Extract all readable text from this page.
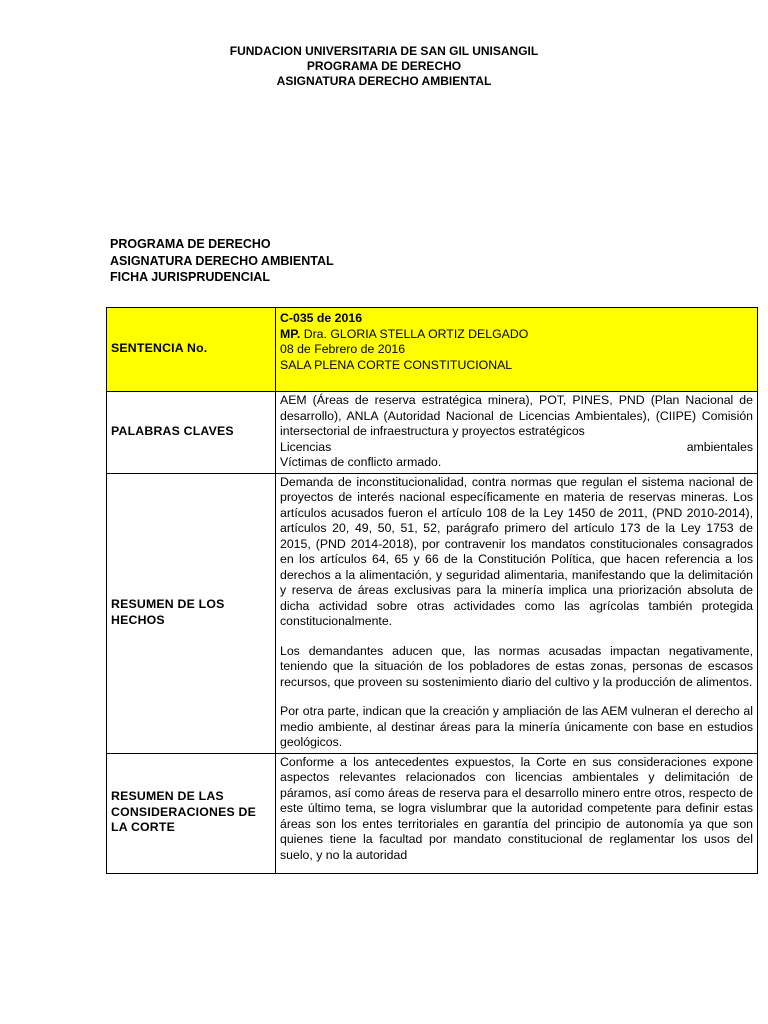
FUNDACION UNIVERSITARIA DE SAN GIL UNISANGIL
PROGRAMA DE DERECHO
ASIGNATURA DERECHO AMBIENTAL
PROGRAMA DE DERECHO
ASIGNATURA DERECHO AMBIENTAL
FICHA JURISPRUDENCIAL
SENTENCIA No.	C-035 de 2016
MP. Dra. GLORIA STELLA ORTIZ DELGADO
08 de Febrero de 2016
SALA PLENA CORTE CONSTITUCIONAL

PALABRAS CLAVES	AEM (Áreas de reserva estratégica minera), POT, PINES, PND (Plan Nacional de desarrollo), ANLA (Autoridad Nacional de Licencias Ambientales), (CIIPE) Comisión intersectorial de infraestructura y proyectos estratégicos

Licencias ambientales

Víctimas de conflicto armado.

RESUMEN DE LOS HECHOS	Demanda de inconstitucionalidad, contra normas que regulan el sistema nacional de proyectos de interés nacional específicamente en materia de reservas mineras. Los artículos acusados fueron el artículo 108 de la Ley 1450 de 2011, (PND 2010-2014), artículos 20, 49, 50, 51, 52, parágrafo primero del artículo 173 de la Ley 1753 de 2015, (PND 2014-2018), por contravenir los mandatos constitucionales consagrados en los artículos 64, 65 y 66 de la Constitución Política, que hacen referencia a los derechos a la alimentación, y seguridad alimentaria, manifestando que la delimitación y reserva de áreas exclusivas para la minería implica una priorización absoluta de dicha actividad sobre otras actividades como las agrícolas también protegida constitucionalmente.

Los demandantes aducen que, las normas acusadas impactan negativamente, teniendo que la situación de los pobladores de estas zonas, personas de escasos recursos, que proveen su sostenimiento diario del cultivo y la producción de alimentos.

Por otra parte, indican que la creación y ampliación de las AEM vulneran el derecho al medio ambiente, al destinar áreas para la minería únicamente con base en estudios geológicos.

RESUMEN DE LAS CONSIDERACIONES DE LA CORTE	Conforme a los antecedentes expuestos, la Corte en sus consideraciones expone aspectos relevantes relacionados con licencias ambientales y delimitación de páramos, así como áreas de reserva para el desarrollo minero entre otros, respecto de este último tema, se logra vislumbrar que la autoridad competente para definir estas áreas son los entes territoriales en garantía del principio de autonomía ya que son quienes tiene la facultad por mandato constitucional de reglamentar los usos del suelo, y no la autoridad
